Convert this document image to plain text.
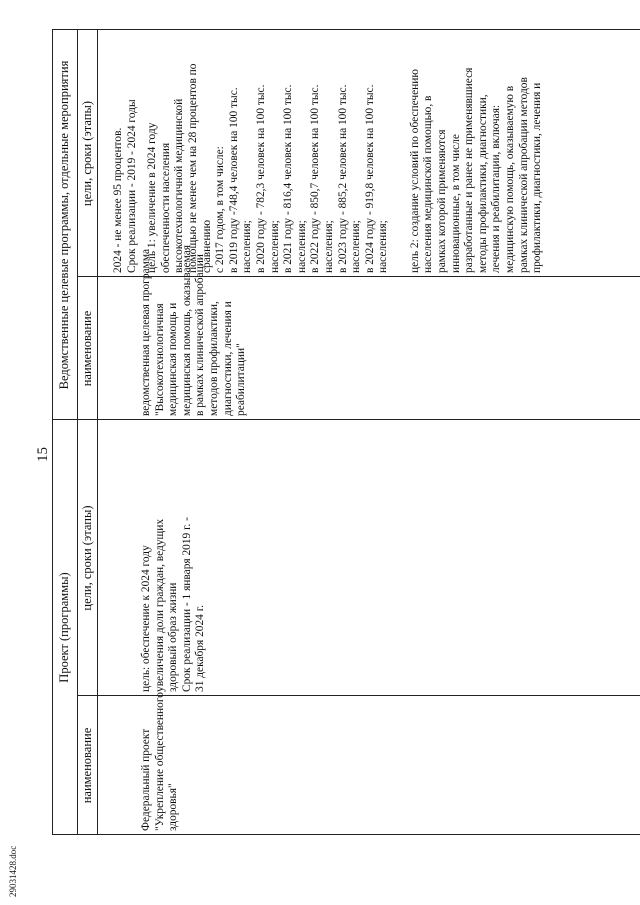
15
Проект (программы)
Ведомственные целевые программы, отдельные мероприятия
наименование
цели, сроки (этапы)
наименование
цели, сроки (этапы)
Федеральный проект "Укрепление общественного здоровья"
цель: обеспечение к 2024 году увеличения доли граждан, ведущих здоровый образ жизни Срок реализации - 1 января 2019 г. - 31 декабря 2024 г.
ведомственная целевая программа "Высокотехнологичная медицинская помощь и медицинская помощь, оказываемая в рамках клинической апробации методов профилактики, диагностики, лечения и реабилитации"
2024 - не менее 95 процентов. Срок реализации - 2019 - 2024 годы цель 1: увеличение в 2024 году обеспеченности населения высокотехнологичной медицинской помощью не менее чем на 28 процентов по сравнению с 2017 годом, в том числе: в 2019 году -748,4 человек на 100 тыс. населения; в 2020 году - 782,3 человек на 100 тыс. населения; в 2021 году - 816,4 человек на 100 тыс. населения; в 2022 году - 850,7 человек на 100 тыс. населения; в 2023 году - 885,2 человек на 100 тыс. населения; в 2024 году - 919,8 человек на 100 тыс. населения; цель 2: создание условий по обеспечению населения медицинской помощью, в рамках которой применяются инновационные, в том числе разработанные и ранее не применявшиеся методы профилактики, диагностики, лечения и реабилитации, включая: медицинскую помощь, оказываемую в рамках клинической апробации методов профилактики, диагностики, лечения и
29031428.doc
